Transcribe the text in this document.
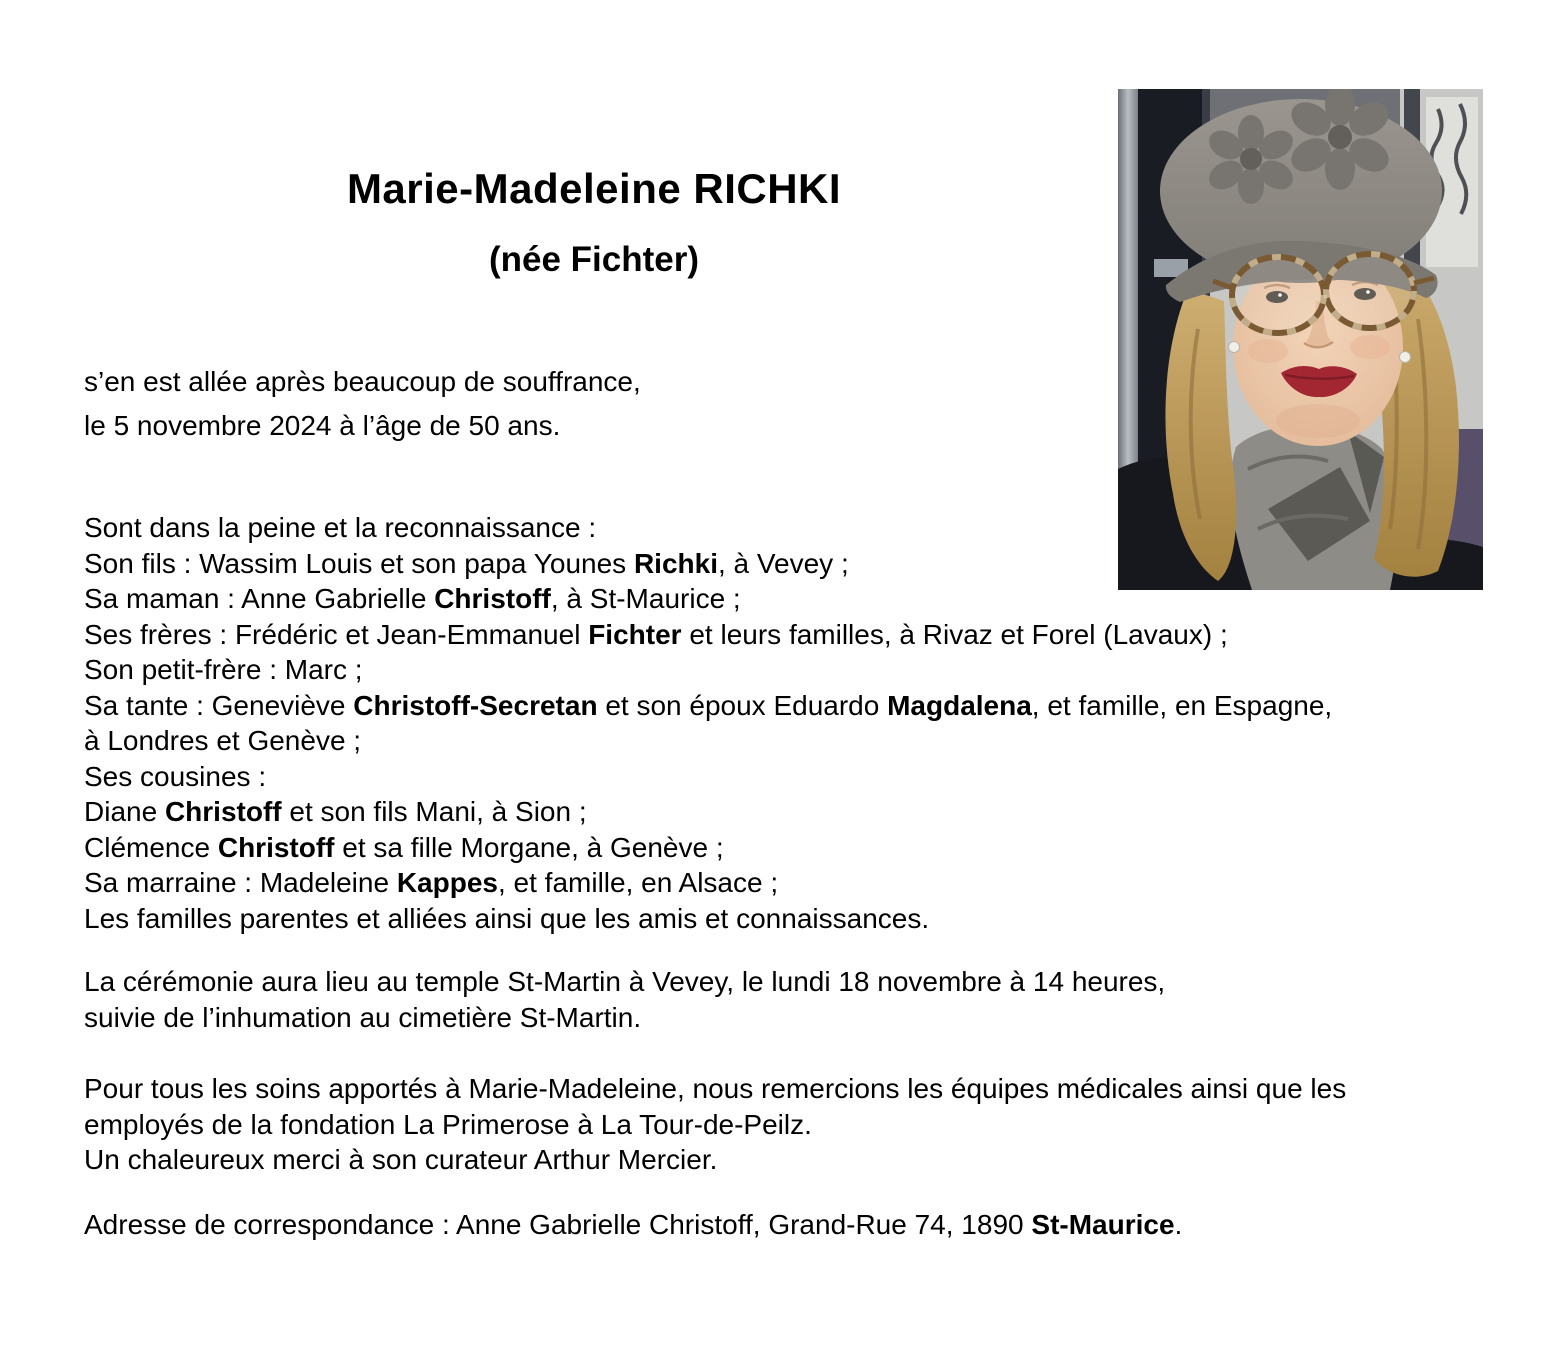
Marie-Madeleine RICHKI
(née Fichter)
s’en est allée après beaucoup de souffrance,
le 5 novembre 2024 à l’âge de 50 ans.
Sont dans la peine et la reconnaissance :
Son fils : Wassim Louis et son papa Younes Richki, à Vevey ;
Sa maman : Anne Gabrielle Christoff, à St-Maurice ;
Ses frères : Frédéric et Jean-Emmanuel Fichter et leurs familles, à Rivaz et Forel (Lavaux) ;
Son petit-frère : Marc ;
Sa tante : Geneviève Christoff-Secretan et son époux Eduardo Magdalena, et famille, en Espagne,
à Londres et Genève ;
Ses cousines :
Diane Christoff et son fils Mani, à Sion ;
Clémence Christoff et sa fille Morgane, à Genève ;
Sa marraine : Madeleine Kappes, et famille, en Alsace ;
Les familles parentes et alliées ainsi que les amis et connaissances.
La cérémonie aura lieu au temple St-Martin à Vevey, le lundi 18 novembre à 14 heures,
suivie de l’inhumation au cimetière St-Martin.
Pour tous les soins apportés à Marie-Madeleine, nous remercions les équipes médicales ainsi que les
employés de la fondation La Primerose à La Tour-de-Peilz.
Un chaleureux merci à son curateur Arthur Mercier.
Adresse de correspondance : Anne Gabrielle Christoff, Grand-Rue 74, 1890 St-Maurice.
